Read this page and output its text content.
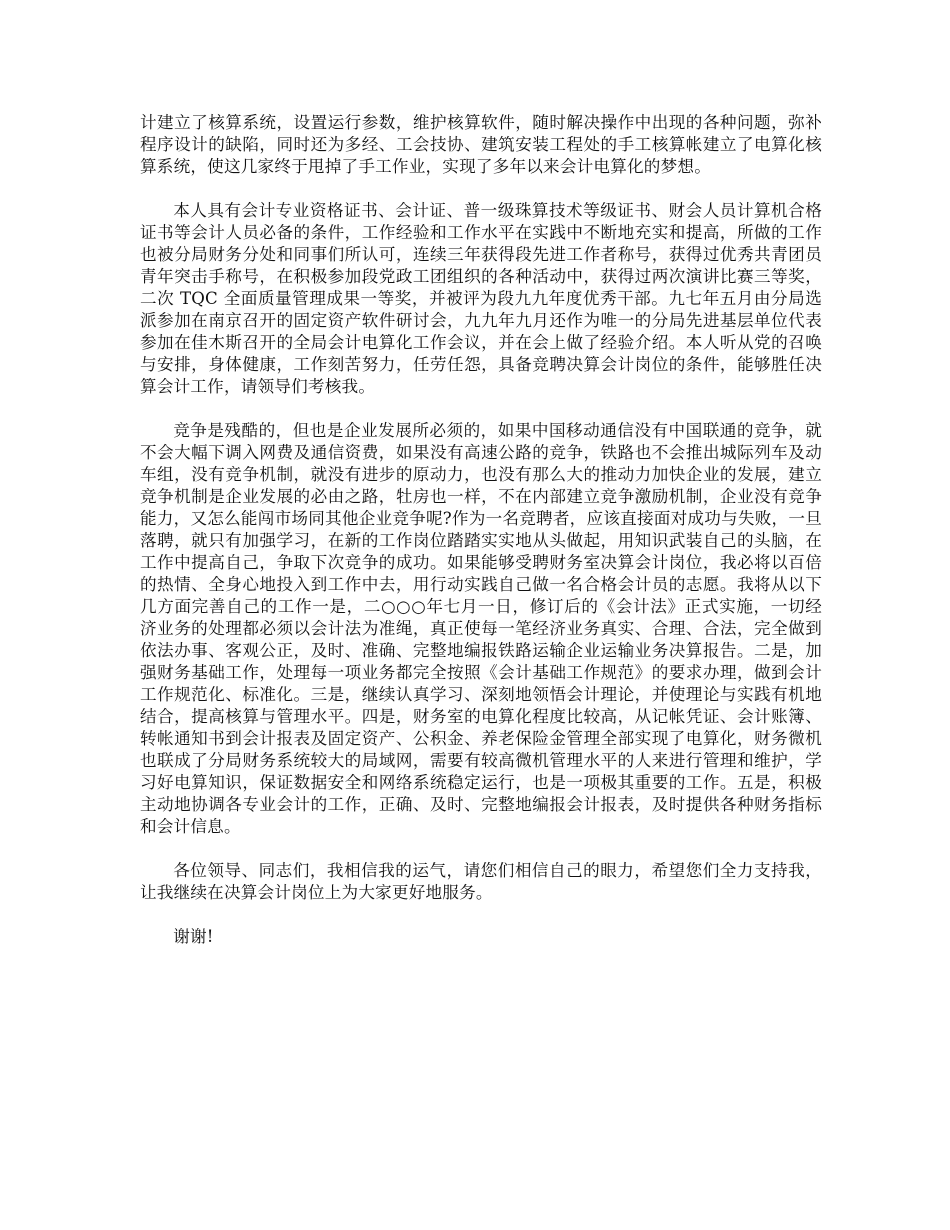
计建立了核算系统，设置运行参数，维护核算软件，随时解决操作中出现的各种问题，弥补程序设计的缺陷，同时还为多经、工会技协、建筑安装工程处的手工核算帐建立了电算化核算系统，使这几家终于甩掉了手工作业，实现了多年以来会计电算化的梦想。

本人具有会计专业资格证书、会计证、普一级珠算技术等级证书、财会人员计算机合格证书等会计人员必备的条件，工作经验和工作水平在实践中不断地充实和提高，所做的工作也被分局财务分处和同事们所认可，连续三年获得段先进工作者称号，获得过优秀共青团员青年突击手称号，在积极参加段党政工团组织的各种活动中，获得过两次演讲比赛三等奖，二次 TQC 全面质量管理成果一等奖，并被评为段九九年度优秀干部。九七年五月由分局选派参加在南京召开的固定资产软件研讨会，九九年九月还作为唯一的分局先进基层单位代表参加在佳木斯召开的全局会计电算化工作会议，并在会上做了经验介绍。本人听从党的召唤与安排，身体健康，工作刻苦努力，任劳任怨，具备竞聘决算会计岗位的条件，能够胜任决算会计工作，请领导们考核我。

竞争是残酷的，但也是企业发展所必须的，如果中国移动通信没有中国联通的竞争，就不会大幅下调入网费及通信资费，如果没有高速公路的竞争，铁路也不会推出城际列车及动车组，没有竞争机制，就没有进步的原动力，也没有那么大的推动力加快企业的发展，建立竞争机制是企业发展的必由之路，牡房也一样，不在内部建立竞争激励机制，企业没有竞争能力，又怎么能闯市场同其他企业竞争呢?作为一名竞聘者，应该直接面对成功与失败，一旦落聘，就只有加强学习，在新的工作岗位踏踏实实地从头做起，用知识武装自己的头脑，在工作中提高自己，争取下次竞争的成功。如果能够受聘财务室决算会计岗位，我必将以百倍的热情、全身心地投入到工作中去，用行动实践自己做一名合格会计员的志愿。我将从以下几方面完善自己的工作一是，二○○○年七月一日，修订后的《会计法》正式实施，一切经济业务的处理都必须以会计法为准绳，真正使每一笔经济业务真实、合理、合法，完全做到依法办事、客观公正，及时、准确、完整地编报铁路运输企业运输业务决算报告。二是，加强财务基础工作，处理每一项业务都完全按照《会计基础工作规范》的要求办理，做到会计工作规范化、标准化。三是，继续认真学习、深刻地领悟会计理论，并使理论与实践有机地结合，提高核算与管理水平。四是，财务室的电算化程度比较高，从记帐凭证、会计账簿、转帐通知书到会计报表及固定资产、公积金、养老保险金管理全部实现了电算化，财务微机也联成了分局财务系统较大的局域网，需要有较高微机管理水平的人来进行管理和维护，学习好电算知识，保证数据安全和网络系统稳定运行，也是一项极其重要的工作。五是，积极主动地协调各专业会计的工作，正确、及时、完整地编报会计报表，及时提供各种财务指标和会计信息。

各位领导、同志们，我相信我的运气，请您们相信自己的眼力，希望您们全力支持我，让我继续在决算会计岗位上为大家更好地服务。

谢谢!
